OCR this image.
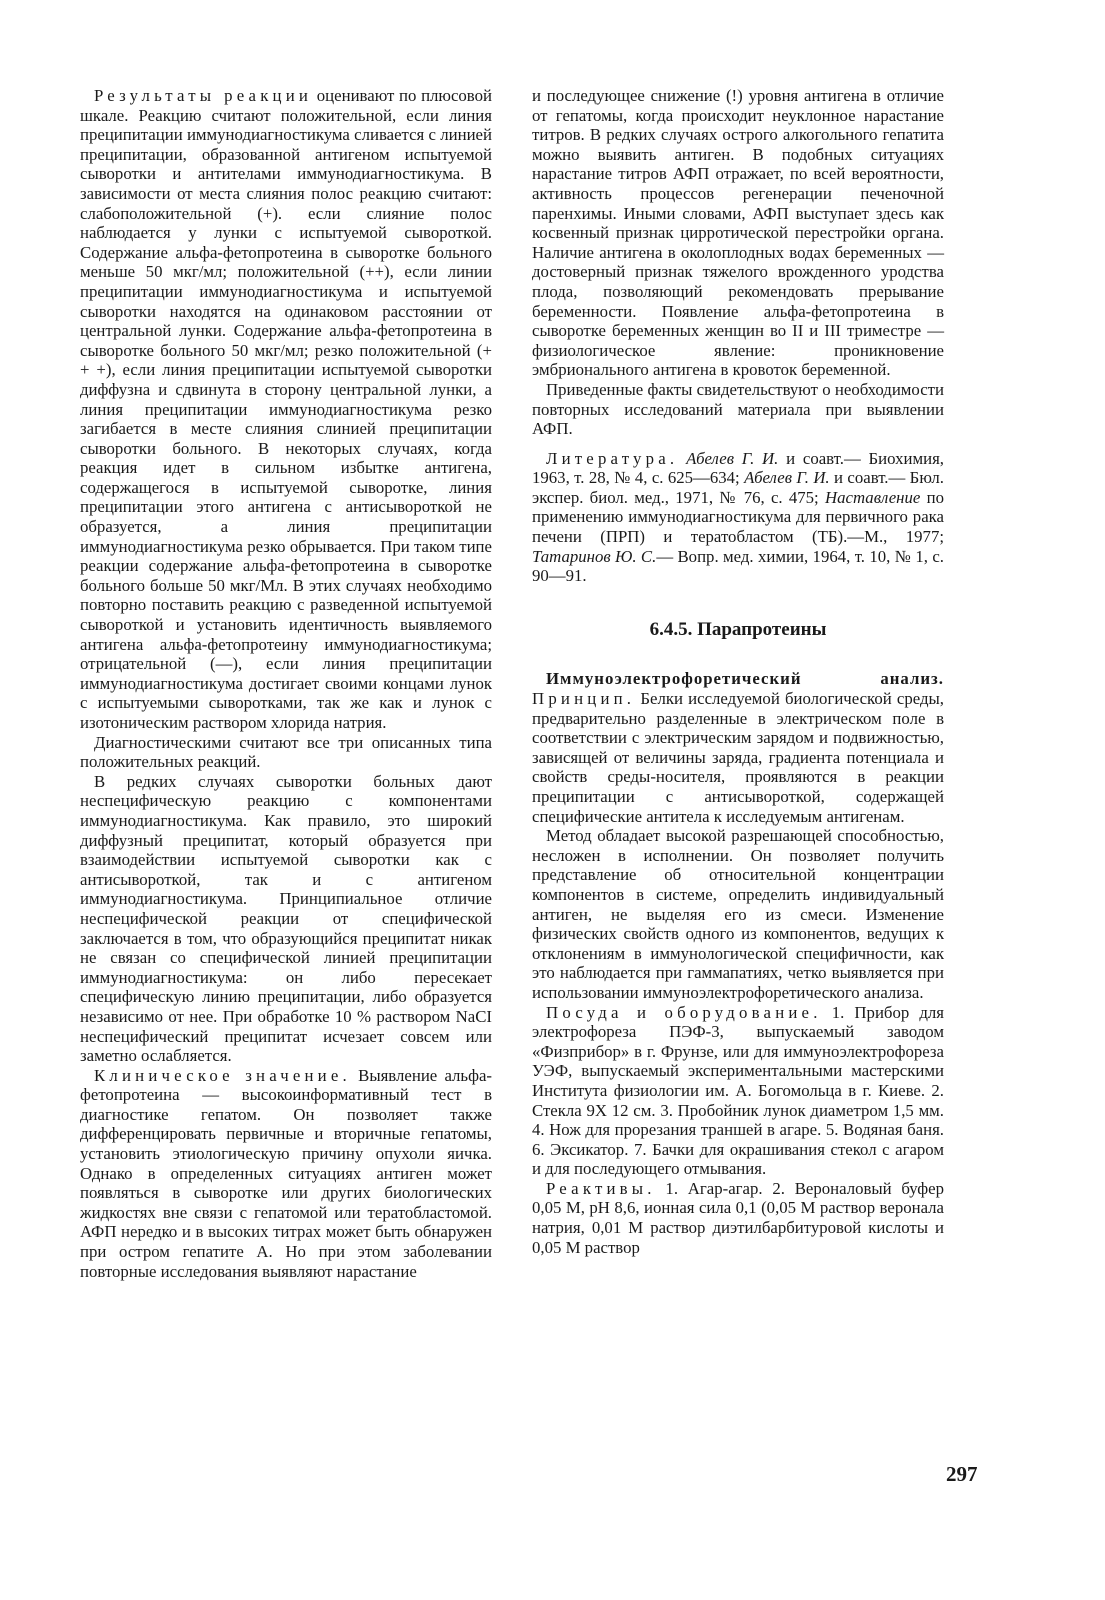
Результаты реакции оценивают по плюсовой шкале. Реакцию считают положительной, если линия преципитации иммунодиагностикума сливается с линией преципитации, образованной антигеном испытуемой сыворотки и антителами иммунодиагностикума. В зависимости от места слияния полос реакцию считают: слабоположительной (+). если слияние полос наблюдается у лунки с испытуемой сывороткой. Содержание альфа-фетопротеина в сыворотке больного меньше 50 мкг/мл; положительной (++), если линии преципитации иммунодиагностикума и испытуемой сыворотки находятся на одинаковом расстоянии от центральной лунки. Содержание альфа-фетопротеина в сыворотке больного 50 мкг/мл; резко положительной (+ + +), если линия преципитации испытуемой сыворотки диффузна и сдвинута в сторону центральной лунки, а линия преципитации иммунодиагностикума резко загибается в месте слияния слинией преципитации сыворотки больного. В некоторых случаях, когда реакция идет в сильном избытке антигена, содержащегося в испытуемой сыворотке, линия преципитации этого антигена с антисывороткой не образуется, а линия преципитации иммунодиагностикума резко обрывается. При таком типе реакции содержание альфа-фетопротеина в сыворотке больного больше 50 мкг/Мл. В этих случаях необходимо повторно поставить реакцию с разведенной испытуемой сывороткой и установить идентичность выявляемого антигена альфа-фетопротеину иммунодиагностикума; отрицательной (—), если линия преципитации иммунодиагностикума достигает своими концами лунок с испытуемыми сыворотками, так же как и лунок с изотоническим раствором хлорида натрия.

Диагностическими считают все три описанных типа положительных реакций.

В редких случаях сыворотки больных дают неспецифическую реакцию с компонентами иммунодиагностикума. Как правило, это широкий диффузный преципитат, который образуется при взаимодействии испытуемой сыворотки как с антисывороткой, так и с антигеном иммунодиагностикума. Принципиальное отличие неспецифической реакции от специфической заключается в том, что образующийся преципитат никак не связан со специфической линией преципитации иммунодиагностикума: он либо пересекает специфическую линию преципитации, либо образуется независимо от нее. При обработке 10 % раствором NaCI неспецифический преципитат исчезает совсем или заметно ослабляется.

Клиническое значение. Выявление альфа-фетопротеина — высокоинформативный тест в диагностике гепатом. Он позволяет также дифференцировать первичные и вторичные гепатомы, установить этиологическую причину опухоли яичка. Однако в определенных ситуациях антиген может появляться в сыворотке или других биологических жидкостях вне связи с гепатомой или тератобластомой. АФП нередко и в высоких титрах может быть обнаружен при остром гепатите А. Но при этом заболевании повторные исследования выявляют нарастание

и последующее снижение (!) уровня антигена в отличие от гепатомы, когда происходит неуклонное нарастание титров. В редких случаях острого алкогольного гепатита можно выявить антиген. В подобных ситуациях нарастание титров АФП отражает, по всей вероятности, активность процессов регенерации печеночной паренхимы. Иными словами, АФП выступает здесь как косвенный признак цирротической перестройки органа. Наличие антигена в околоплодных водах беременных — достоверный признак тяжелого врожденного уродства плода, позволяющий рекомендовать прерывание беременности. Появление альфа-фетопротеина в сыворотке беременных женщин во II и III триместре — физиологическое явление: проникновение эмбрионального антигена в кровоток беременной.

Приведенные факты свидетельствуют о необходимости повторных исследований материала при выявлении АФП.

Литература. Абелев Г. И. и соавт.— Биохимия, 1963, т. 28, № 4, с. 625—634; Абелев Г. И. и соавт.— Бюл. экспер. биол. мед., 1971, № 76, с. 475; Наставление по применению иммунодиагностикума для первичного рака печени (ПРП) и тератобластом (ТБ).—М., 1977; Татаринов Ю. С.— Вопр. мед. химии, 1964, т. 10, № 1, с. 90—91.

6.4.5. Парапротеины

Иммуноэлектрофоретический анализ. Принцип. Белки исследуемой биологической среды, предварительно разделенные в электрическом поле в соответствии с электрическим зарядом и подвижностью, зависящей от величины заряда, градиента потенциала и свойств среды-носителя, проявляются в реакции преципитации с антисывороткой, содержащей специфические антитела к исследуемым антигенам.

Метод обладает высокой разрешающей способностью, несложен в исполнении. Он позволяет получить представление об относительной концентрации компонентов в системе, определить индивидуальный антиген, не выделяя его из смеси. Изменение физических свойств одного из компонентов, ведущих к отклонениям в иммунологической специфичности, как это наблюдается при гаммапатиях, четко выявляется при использовании иммуноэлектрофоретического анализа.

Посуда и оборудование. 1. Прибор для электрофореза ПЭФ-3, выпускаемый заводом «Физприбор» в г. Фрунзе, или для иммуноэлектрофореза УЭФ, выпускаемый экспериментальными мастерскими Института физиологии им. А. Богомольца в г. Киеве. 2. Стекла 9Х 12 см. 3. Пробойник лунок диаметром 1,5 мм. 4. Нож для прорезания траншей в агаре. 5. Водяная баня. 6. Эксикатор. 7. Бачки для окрашивания стекол с агаром и для последующего отмывания.

Реактивы. 1. Агар-агар. 2. Вероналовый буфер 0,05 М, рН 8,6, ионная сила 0,1 (0,05 М раствор веронала натрия, 0,01 М раствор диэтилбарбитуровой кислоты и 0,05 М раствор

297
